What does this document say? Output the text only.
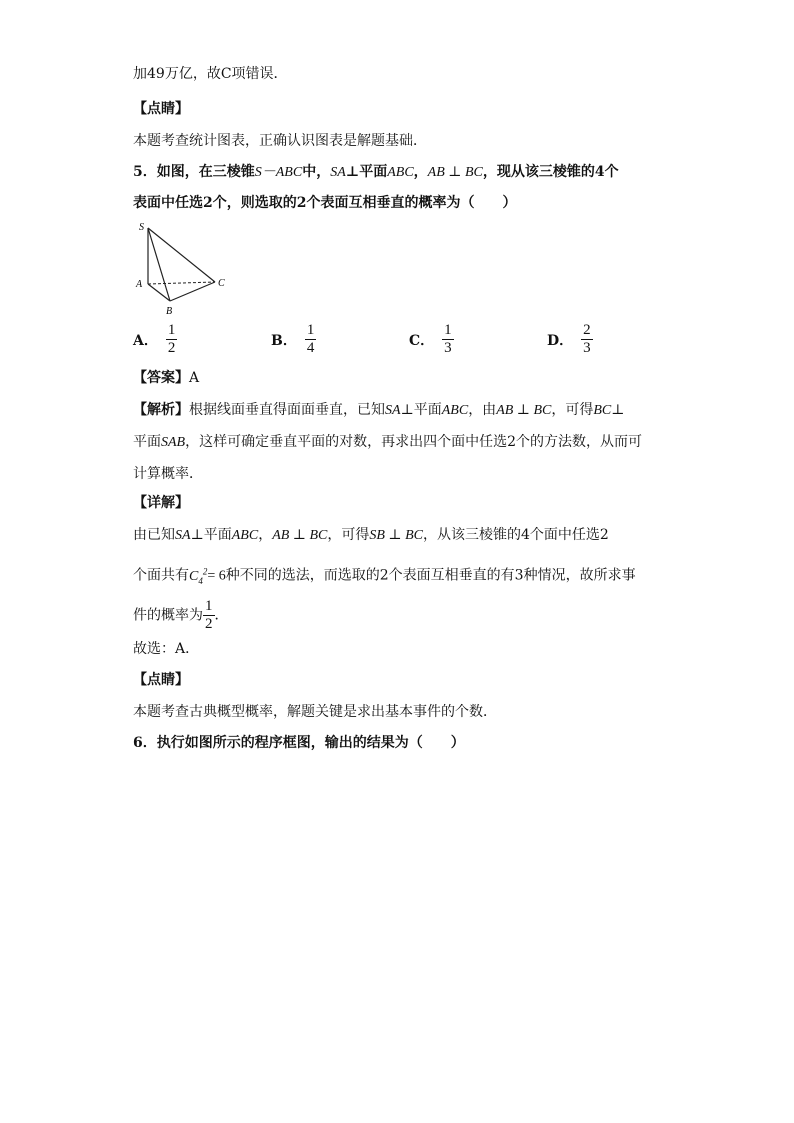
加49万亿，故C项错误．
【点睛】
本题考查统计图表，正确认识图表是解题基础．
5．如图，在三棱锥S－ABC中，SA⊥平面ABC，AB ⊥ BC，现从该三棱锥的4个
表面中任选2个，则选取的2个表面互相垂直的概率为（　　）
S
A
B
C
A． $\frac{1}{2}$	B． $\frac{1}{4}$	C． $\frac{1}{3}$	D． $\frac{2}{3}$
【答案】A
【解析】根据线面垂直得面面垂直，已知SA⊥平面ABC，由AB ⊥ BC，可得BC⊥
平面SAB，这样可确定垂直平面的对数，再求出四个面中任选2个的方法数，从而可
计算概率．
【详解】
由已知SA⊥平面ABC，AB ⊥ BC，可得SB ⊥ BC，从该三棱锥的4个面中任选2
个面共有$C_4^2= 6$种不同的选法，而选取的2个表面互相垂直的有3种情况，故所求事
件的概率为 $\frac{1}{2}$ ．
故选：A．
【点睛】
本题考查古典概型概率，解题关键是求出基本事件的个数．
6．执行如图所示的程序框图，输出的结果为（　　）
